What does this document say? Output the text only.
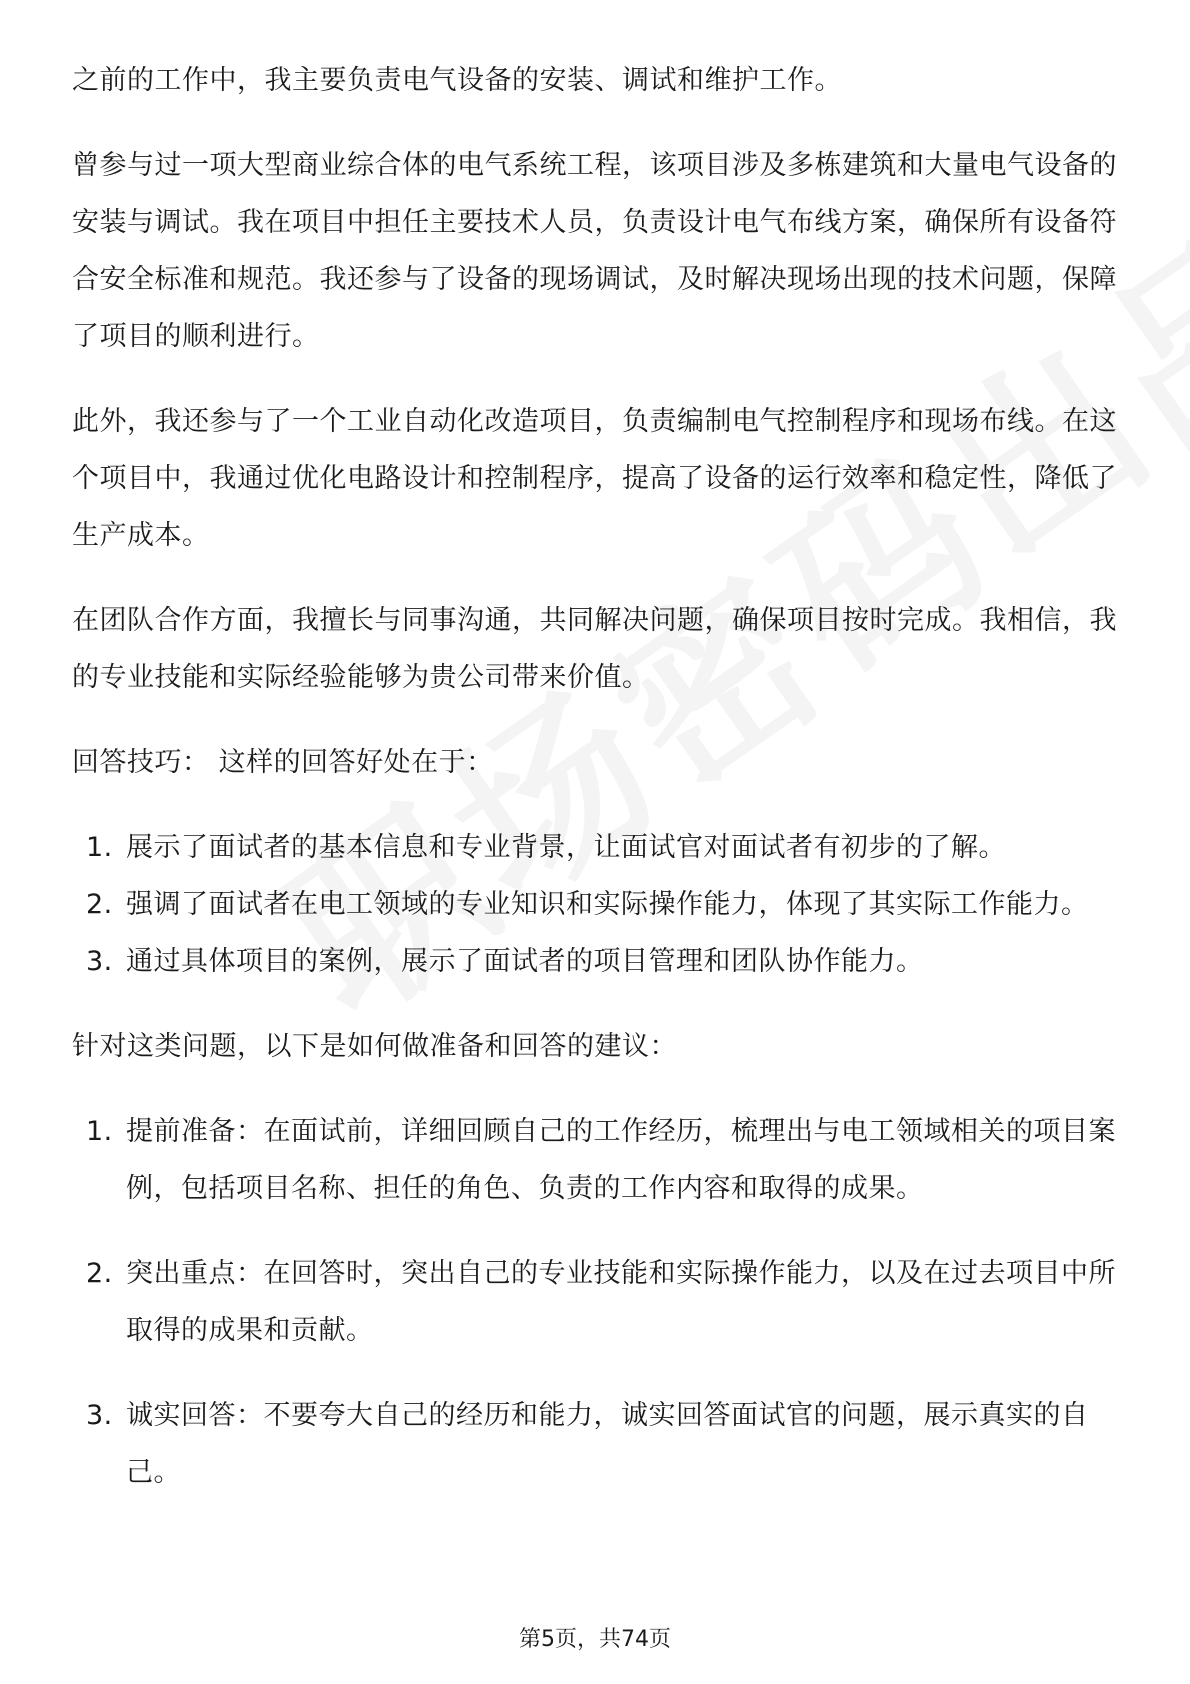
之前的工作中，我主要负责电气设备的安装、调试和维护工作。

曾参与过一项大型商业综合体的电气系统工程，该项目涉及多栋建筑和大量电气设备的安装与调试。我在项目中担任主要技术人员，负责设计电气布线方案，确保所有设备符合安全标准和规范。我还参与了设备的现场调试，及时解决现场出现的技术问题，保障了项目的顺利进行。

此外，我还参与了一个工业自动化改造项目，负责编制电气控制程序和现场布线。在这个项目中，我通过优化电路设计和控制程序，提高了设备的运行效率和稳定性，降低了生产成本。

在团队合作方面，我擅长与同事沟通，共同解决问题，确保项目按时完成。我相信，我的专业技能和实际经验能够为贵公司带来价值。

回答技巧： 这样的回答好处在于：

1. 展示了面试者的基本信息和专业背景，让面试官对面试者有初步的了解。
2. 强调了面试者在电工领域的专业知识和实际操作能力，体现了其实际工作能力。
3. 通过具体项目的案例，展示了面试者的项目管理和团队协作能力。

针对这类问题，以下是如何做准备和回答的建议：

1. 提前准备：在面试前，详细回顾自己的工作经历，梳理出与电工领域相关的项目案例，包括项目名称、担任的角色、负责的工作内容和取得的成果。
2. 突出重点：在回答时，突出自己的专业技能和实际操作能力，以及在过去项目中所取得的成果和贡献。
3. 诚实回答：不要夸大自己的经历和能力，诚实回答面试官的问题，展示真实的自己。
第5页，共74页
